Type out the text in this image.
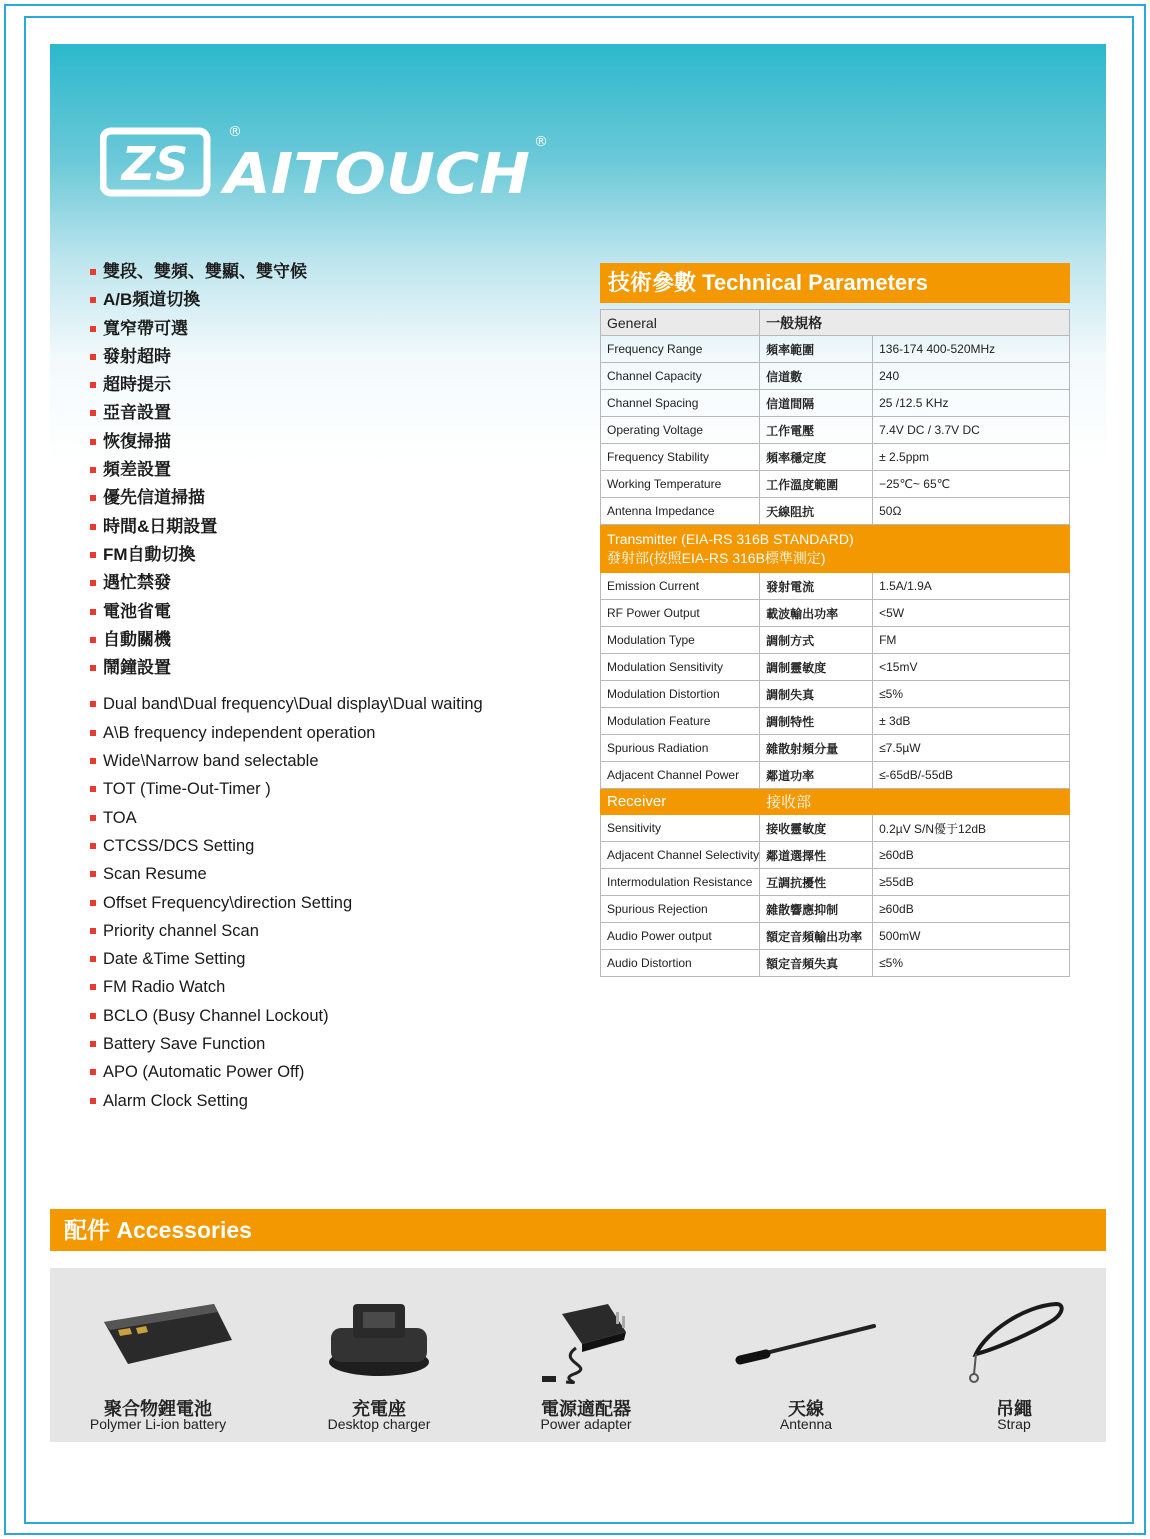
ZS
®
AITOUCH ®
雙段、雙頻、雙顯、雙守候
A/B頻道切換
寬窄帶可選
發射超時
超時提示
亞音設置
恢復掃描
頻差設置
優先信道掃描
時間&日期設置
FM自動切換
遇忙禁發
電池省電
自動關機
鬧鐘設置
Dual band\Dual frequency\Dual display\Dual waiting
A\B frequency independent operation
Wide\Narrow band selectable
TOT (Time-Out-Timer )
TOA
CTCSS/DCS Setting
Scan Resume
Offset Frequency\direction Setting
Priority channel Scan
Date &Time Setting
FM Radio Watch
BCLO (Busy Channel Lockout)
Battery Save Function
APO (Automatic Power Off)
Alarm Clock Setting
技術參數 Technical Parameters
General	一般規格	
Frequency Range	頻率範圍	136-174 400-520MHz
Channel Capacity	信道數	240
Channel Spacing	信道間隔	25 /12.5 KHz
Operating Voltage	工作電壓	7.4V DC / 3.7V DC
Frequency Stability	頻率穩定度	± 2.5ppm
Working Temperature	工作溫度範圍	−25℃~ 65℃
Antenna Impedance	天線阻抗	50Ω

Transmitter (EIA-RS 316B STANDARD)
發射部(按照EIA-RS 316B標準測定)		

Emission Current	發射電流	1.5A/1.9A
RF Power Output	載波輸出功率	<5W
Modulation Type	調制方式	FM
Modulation Sensitivity	調制靈敏度	<15mV
Modulation Distortion	調制失真	≤5%
Modulation Feature	調制特性	± 3dB
Spurious Radiation	雜散射頻分量	≤7.5µW
Adjacent Channel Power	鄰道功率	≤-65dB/-55dB
Receiver	接收部	
Sensitivity	接收靈敏度	0.2µV S/N優于12dB
Adjacent Channel Selectivity	鄰道選擇性	≥60dB
Intermodulation Resistance	互調抗擾性	≥55dB
Spurious Rejection	雜散響應抑制	≥60dB
Audio Power output	額定音頻輸出功率	500mW
Audio Distortion	額定音頻失真	≤5%
配件 Accessories
聚合物鋰電池
Polymer Li-ion battery
充電座
Desktop charger
電源適配器
Power adapter
天線
Antenna
吊繩
Strap
